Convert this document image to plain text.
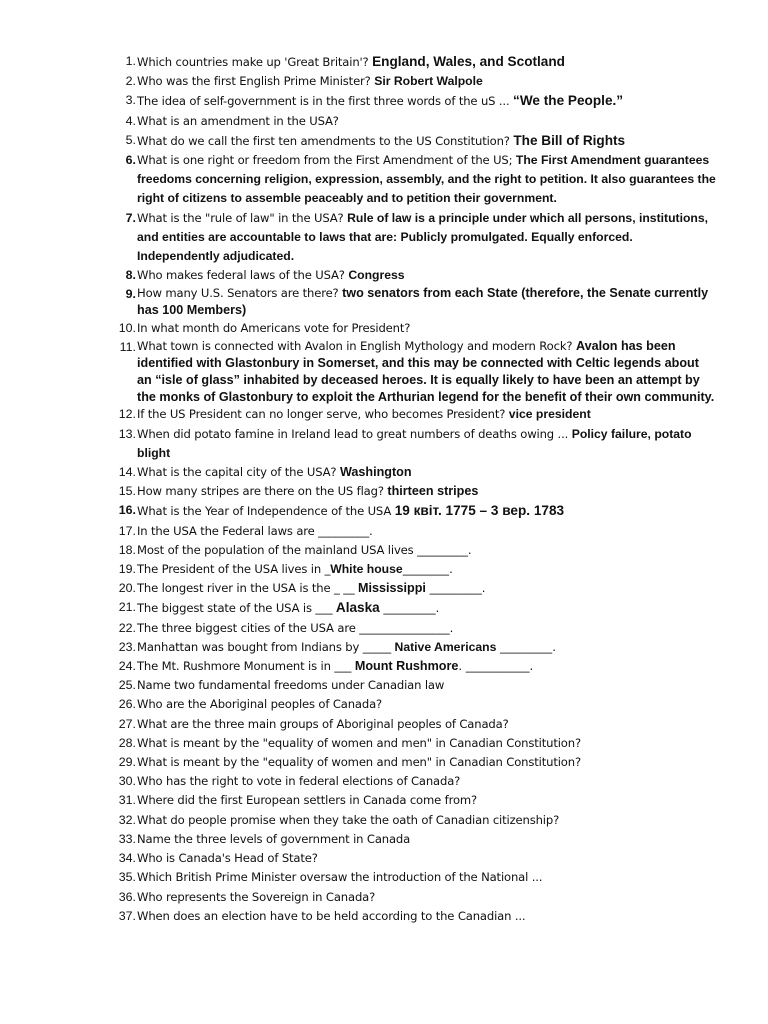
1 . Which countries make up 'Great Britain'? England, Wales, and Scotland
2 . Who was the first English Prime Minister? Sir Robert Walpole
3 . The idea of self-government is in the first three words of the uS ... “We the People.”
4 . What is an amendment in the USA?
5 . What do we call the first ten amendments to the US Constitution? The Bill of Rights
6 . What is one right or freedom from the First Amendment of the US; The First Amendment guarantees freedoms concerning religion, expression, assembly, and the right to petition. It also guarantees the right of citizens to assemble peaceably and to petition their government.
7 . What is the "rule of law" in the USA? Rule of law is a principle under which all persons, institutions, and entities are accountable to laws that are: Publicly promulgated. Equally enforced. Independently adjudicated.
8 . Who makes federal laws of the USA? Congress
9 . How many U.S. Senators are there? two senators from each State (therefore, the Senate currently has 100 Members)
10 . In what month do Americans vote for President?
11 . What town is connected with Avalon in English Mythology and modern Rock? Avalon has been identified with Glastonbury in Somerset, and this may be connected with Celtic legends about an “isle of glass” inhabited by deceased heroes. It is equally likely to have been an attempt by the monks of Glastonbury to exploit the Arthurian legend for the benefit of their own community.
12 . If the US President can no longer serve, who becomes President? vice president
13 . When did potato famine in Ireland lead to great numbers of deaths owing ... Policy failure, potato blight
14 . What is the capital city of the USA? Washington
15 . How many stripes are there on the US flag? thirteen stripes
16 . What is the Year of Independence of the USA 19 квіт. 1775 – 3 вер. 1783
17 . In the USA the Federal laws are _________.
18 . Most of the population of the mainland USA lives _________.
19 . The President of the USA lives in _White house________.
20 . The longest river in the USA is the _ __ Mississippi _________.
21 . The biggest state of the USA is ___ Alaska _________.
22 . The three biggest cities of the USA are ________________.
23 . Manhattan was bought from Indians by _____ Native Americans _________.
24 . The Mt. Rushmore Monument is in ___ Mount Rushmore. ___________.
25 . Name two fundamental freedoms under Canadian law
26 . Who are the Aboriginal peoples of Canada?
27 . What are the three main groups of Aboriginal peoples of Canada?
28 . What is meant by the "equality of women and men" in Canadian Constitution?
29 . What is meant by the "equality of women and men" in Canadian Constitution?
30 . Who has the right to vote in federal elections of Canada?
31 . Where did the first European settlers in Canada come from?
32 . What do people promise when they take the oath of Canadian citizenship?
33 . Name the three levels of government in Canada
34 . Who is Canada's Head of State?
35 . Which British Prime Minister oversaw the introduction of the National ...
36 . Who represents the Sovereign in Canada?
37 . When does an election have to be held according to the Canadian ...
